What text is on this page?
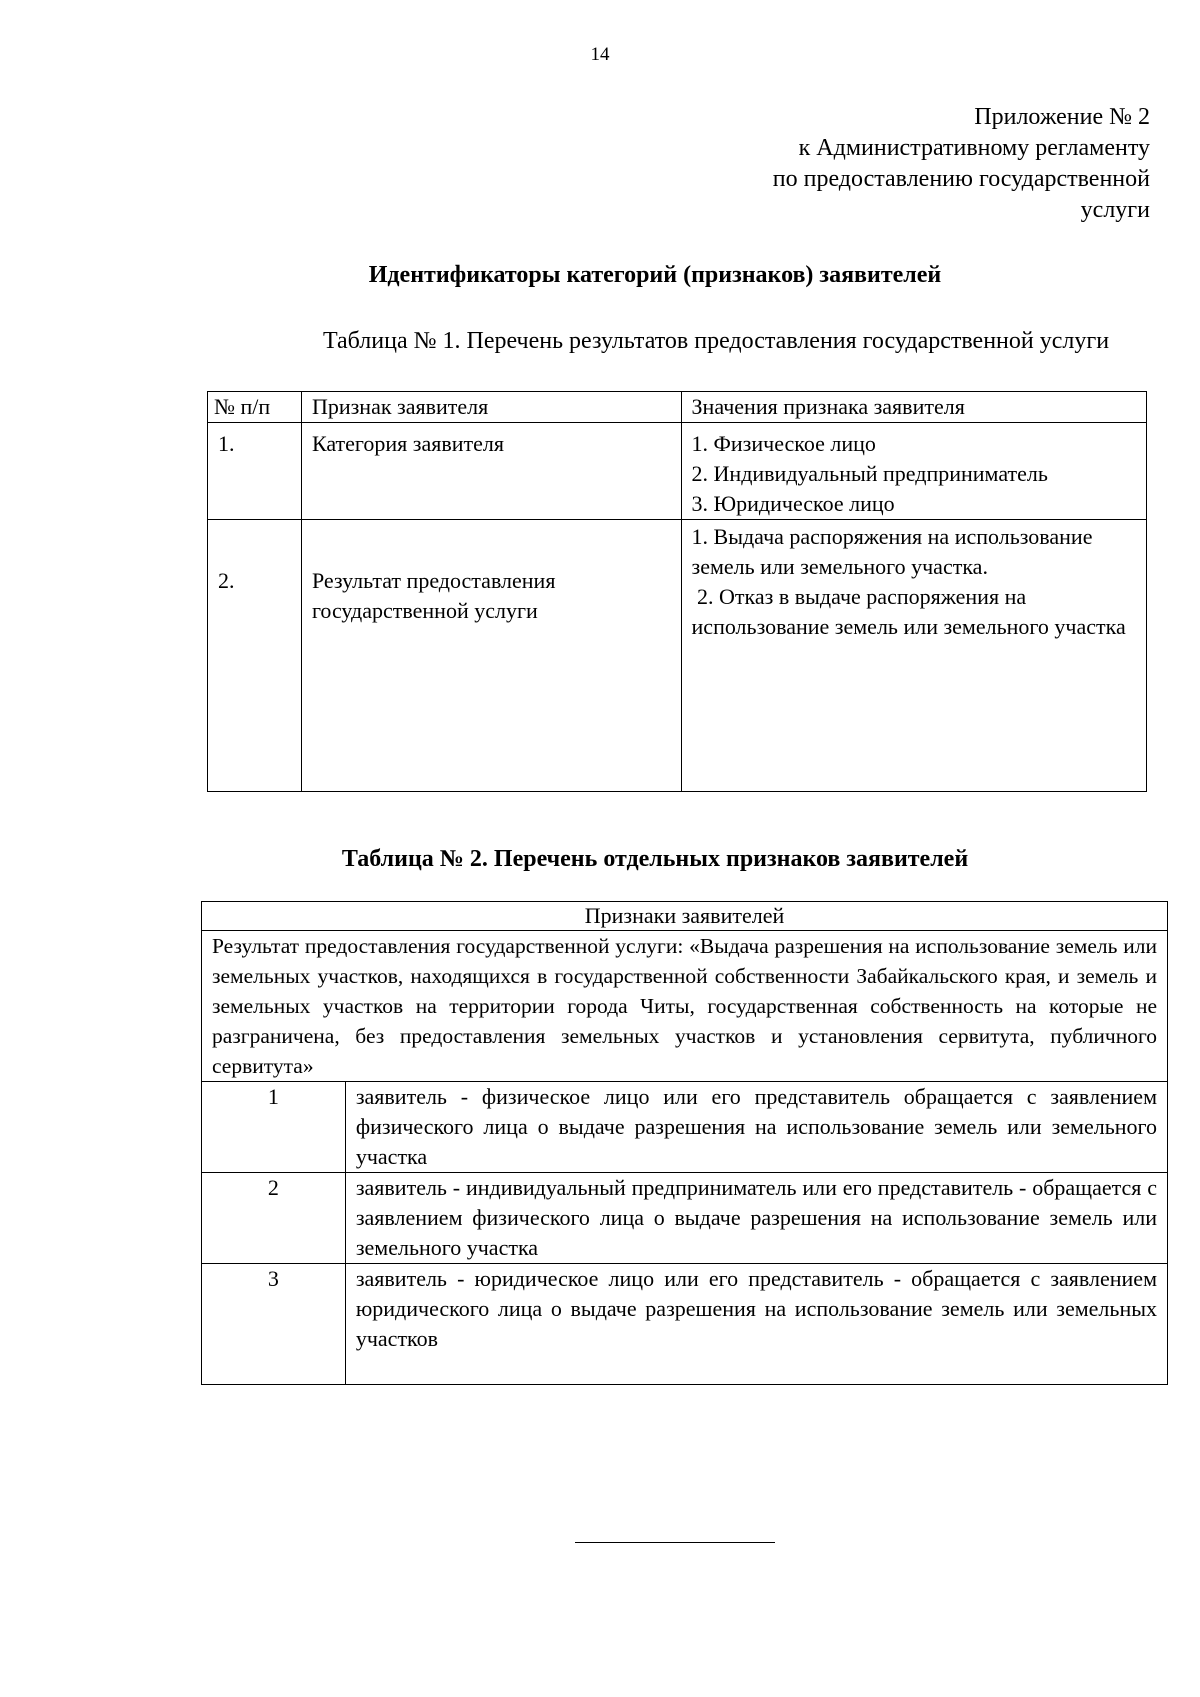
14
Приложение № 2
к Административному регламенту
по предоставлению государственной
услуги
Идентификаторы категорий (признаков) заявителей
Таблица № 1. Перечень результатов предоставления государственной услуги
№ п/п	Признак заявителя	Значения признака заявителя
1.	Категория заявителя	1. Физическое лицо
2. Индивидуальный предприниматель
3. Юридическое лицо

2.	Результат предоставления государственной услуги	1. Выдача распоряжения на использование земель или земельного участка.
2. Отказ в выдаче распоряжения на использование земель или земельного участка
Таблица № 2. Перечень отдельных признаков заявителей
Признаки заявителей	
Результат предоставления государственной услуги: «Выдача разрешения на использование земель или земельных участков, находящихся в государственной собственности Забайкальского края, и земель и земельных участков на территории города Читы, государственная собственность на которые не разграничена, без предоставления земельных участков и установления сервитута, публичного сервитута»	
1	заявитель - физическое лицо или его представитель обращается с заявлением физического лица о выдаче разрешения на использование земель или земельного участка
2	заявитель - индивидуальный предприниматель или его представитель - обращается с заявлением физического лица о выдаче разрешения на использование земель или земельного участка
3	заявитель - юридическое лицо или его представитель - обращается с заявлением юридического лица о выдаче разрешения на использование земель или земельных участков
